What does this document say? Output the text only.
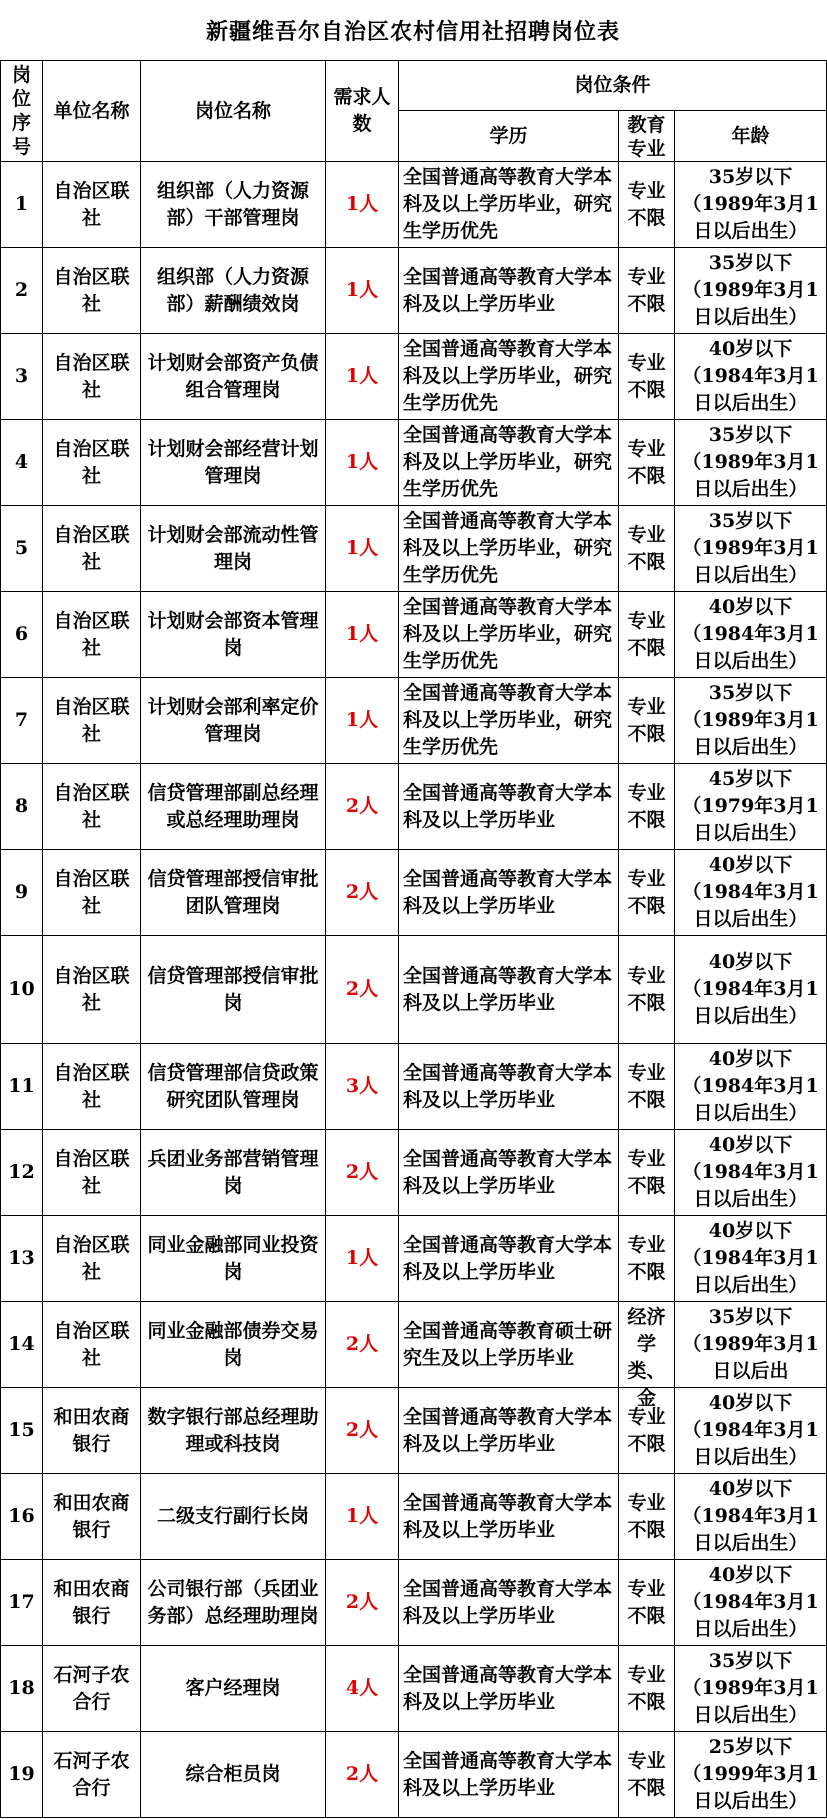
新疆维吾尔自治区农村信用社招聘岗位表
岗位序号	单位名称	岗位名称	需求人数	岗位条件		
				学历	教育专业	年龄

1	自治区联社	组织部（人力资源部）干部管理岗	1人	全国普通高等教育大学本科及以上学历毕业，研究生学历优先	专业不限	35岁以下（1989年3月1日以后出生）

2	自治区联社	组织部（人力资源部）薪酬绩效岗	1人	全国普通高等教育大学本科及以上学历毕业	专业不限	35岁以下（1989年3月1日以后出生）

3	自治区联社	计划财会部资产负债组合管理岗	1人	全国普通高等教育大学本科及以上学历毕业，研究生学历优先	专业不限	40岁以下（1984年3月1日以后出生）

4	自治区联社	计划财会部经营计划管理岗	1人	全国普通高等教育大学本科及以上学历毕业，研究生学历优先	专业不限	35岁以下（1989年3月1日以后出生）

5	自治区联社	计划财会部流动性管理岗	1人	全国普通高等教育大学本科及以上学历毕业，研究生学历优先	专业不限	35岁以下（1989年3月1日以后出生）

6	自治区联社	计划财会部资本管理岗	1人	全国普通高等教育大学本科及以上学历毕业，研究生学历优先	专业不限	40岁以下（1984年3月1日以后出生）

7	自治区联社	计划财会部利率定价管理岗	1人	全国普通高等教育大学本科及以上学历毕业，研究生学历优先	专业不限	35岁以下（1989年3月1日以后出生）

8	自治区联社	信贷管理部副总经理或总经理助理岗	2人	全国普通高等教育大学本科及以上学历毕业	专业不限	45岁以下（1979年3月1日以后出生）

9	自治区联社	信贷管理部授信审批团队管理岗	2人	全国普通高等教育大学本科及以上学历毕业	专业不限	40岁以下（1984年3月1日以后出生）

10	自治区联社	信贷管理部授信审批岗	2人	全国普通高等教育大学本科及以上学历毕业	专业不限	40岁以下（1984年3月1日以后出生）

11	自治区联社	信贷管理部信贷政策研究团队管理岗	3人	全国普通高等教育大学本科及以上学历毕业	专业不限	40岁以下（1984年3月1日以后出生）

12	自治区联社	兵团业务部营销管理岗	2人	全国普通高等教育大学本科及以上学历毕业	专业不限	40岁以下（1984年3月1日以后出生）

13	自治区联社	同业金融部同业投资岗	1人	全国普通高等教育大学本科及以上学历毕业	专业不限	40岁以下（1984年3月1日以后出生）

14	自治区联社	同业金融部债券交易岗	2人	全国普通高等教育硕士研究生及以上学历毕业	经济学类、金	35岁以下（1989年3月1日以后出

15	和田农商银行	数字银行部总经理助理或科技岗	2人	全国普通高等教育大学本科及以上学历毕业	专业不限	40岁以下（1984年3月1日以后出生）

16	和田农商银行	二级支行副行长岗	1人	全国普通高等教育大学本科及以上学历毕业	专业不限	40岁以下（1984年3月1日以后出生）

17	和田农商银行	公司银行部（兵团业务部）总经理助理岗	2人	全国普通高等教育大学本科及以上学历毕业	专业不限	40岁以下（1984年3月1日以后出生）

18	石河子农合行	客户经理岗	4人	全国普通高等教育大学本科及以上学历毕业	专业不限	35岁以下（1989年3月1日以后出生）

19	石河子农合行	综合柜员岗	2人	全国普通高等教育大学本科及以上学历毕业	专业不限	25岁以下（1999年3月1日以后出生）
